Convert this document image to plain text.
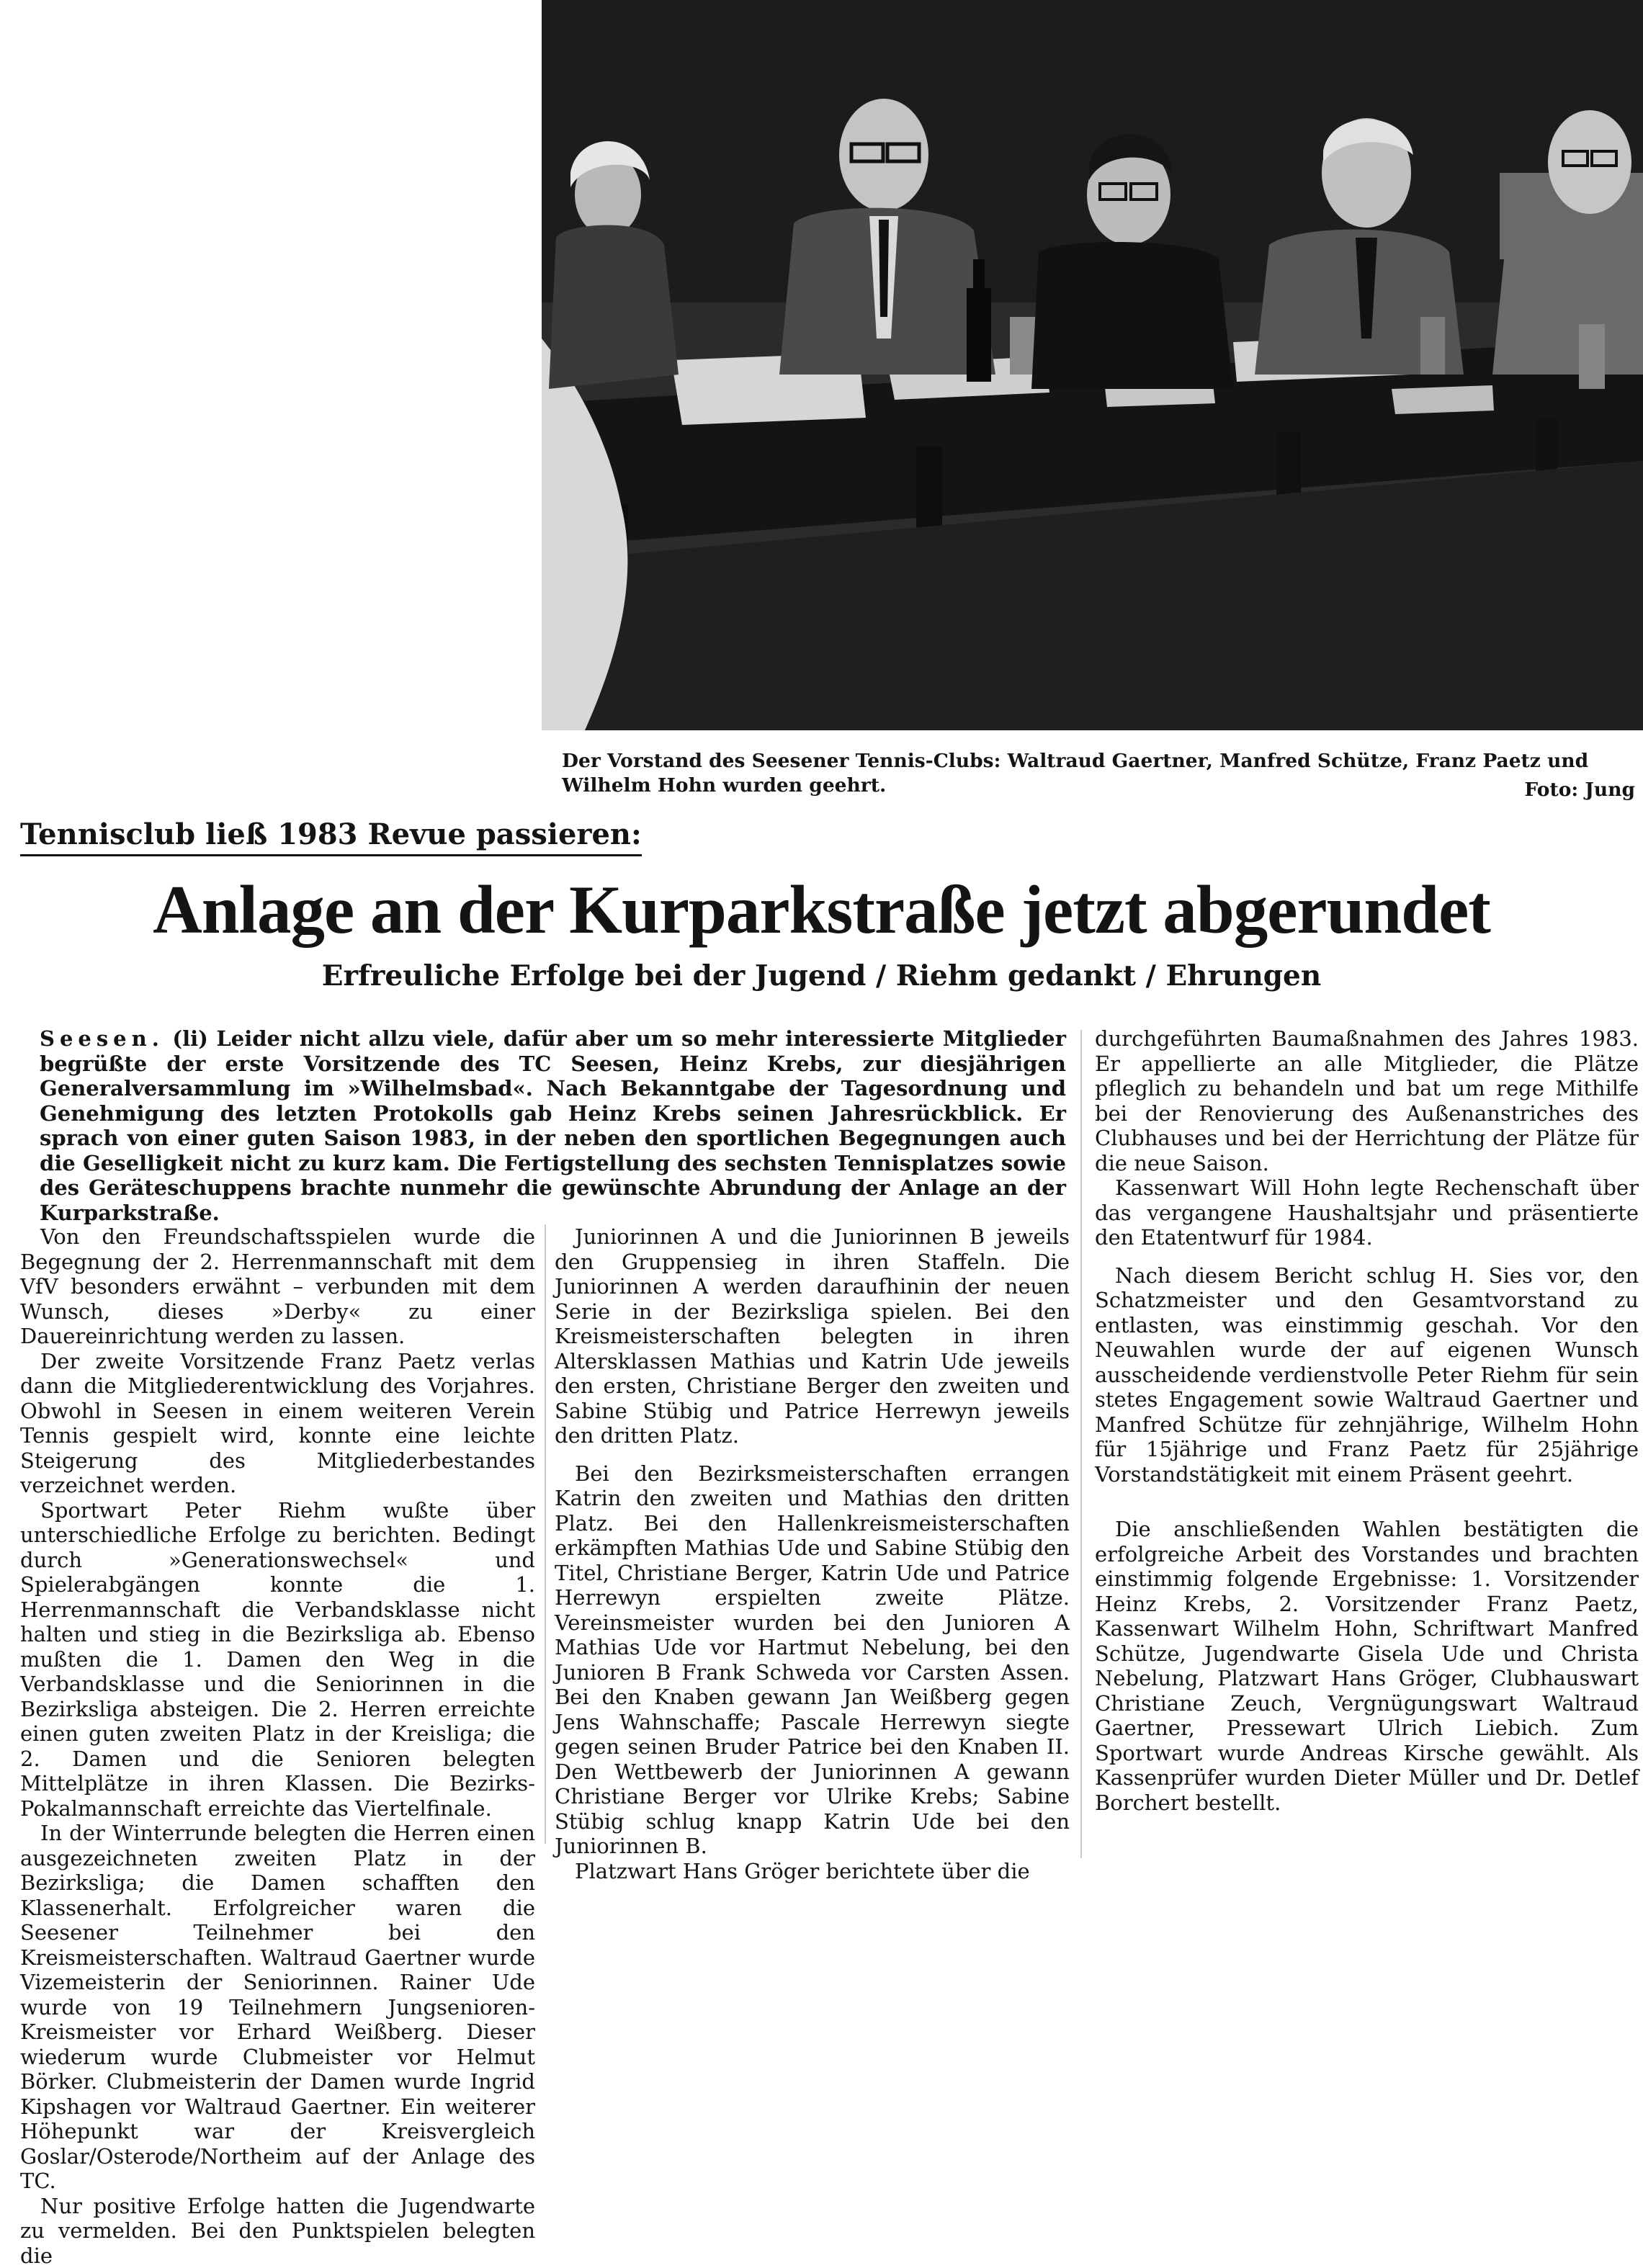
Der Vorstand des Seesener Tennis-Clubs: Waltraud Gaertner, Manfred Schütze, Franz Paetz und Wilhelm Hohn wurden geehrt.	Foto: Jung
Tennisclub ließ 1983 Revue passieren:
Anlage an der Kurparkstraße jetzt abgerundet
Erfreuliche Erfolge bei der Jugend / Riehm gedankt / Ehrungen
Seesen. (li) Leider nicht allzu viele, dafür aber um so mehr interessierte Mitglieder begrüßte der erste Vorsitzende des TC Seesen, Heinz Krebs, zur diesjährigen Generalversammlung im »Wilhelmsbad«. Nach Bekanntgabe der Tagesordnung und Genehmigung des letzten Protokolls gab Heinz Krebs seinen Jahresrückblick. Er sprach von einer guten Saison 1983, in der neben den sportlichen Begegnungen auch die Geselligkeit nicht zu kurz kam. Die Fertigstellung des sechsten Tennisplatzes sowie des Geräteschuppens brachte nunmehr die gewünschte Abrundung der Anlage an der Kurparkstraße.

Von den Freundschaftsspielen wurde die Begegnung der 2. Herrenmannschaft mit dem VfV besonders erwähnt – verbunden mit dem Wunsch, dieses »Derby« zu einer Dauereinrichtung werden zu lassen.

Der zweite Vorsitzende Franz Paetz verlas dann die Mitgliederentwicklung des Vorjahres. Obwohl in Seesen in einem weiteren Verein Tennis gespielt wird, konnte eine leichte Steigerung des Mitgliederbestandes verzeichnet werden.

Sportwart Peter Riehm wußte über unterschiedliche Erfolge zu berichten. Bedingt durch »Generationswechsel« und Spielerabgängen konnte die 1. Herrenmannschaft die Verbandsklasse nicht halten und stieg in die Bezirksliga ab. Ebenso mußten die 1. Damen den Weg in die Verbandsklasse und die Seniorinnen in die Bezirksliga absteigen. Die 2. Herren erreichte einen guten zweiten Platz in der Kreisliga; die 2. Damen und die Senioren belegten Mittelplätze in ihren Klassen. Die Bezirks-Pokalmannschaft erreichte das Viertelfinale.

In der Winterrunde belegten die Herren einen ausgezeichneten zweiten Platz in der Bezirksliga; die Damen schafften den Klassenerhalt. Erfolgreicher waren die Seesener Teilnehmer bei den Kreismeisterschaften. Waltraud Gaertner wurde Vizemeisterin der Seniorinnen. Rainer Ude wurde von 19 Teilnehmern Jungsenioren-Kreismeister vor Erhard Weißberg. Dieser wiederum wurde Clubmeister vor Helmut Börker. Clubmeisterin der Damen wurde Ingrid Kipshagen vor Waltraud Gaertner. Ein weiterer Höhepunkt war der Kreisvergleich Goslar/Osterode/Northeim auf der Anlage des TC.

Nur positive Erfolge hatten die Jugendwarte zu vermelden. Bei den Punktspielen belegten die

Juniorinnen A und die Juniorinnen B jeweils den Gruppensieg in ihren Staffeln. Die Juniorinnen A werden daraufhinin der neuen Serie in der Bezirksliga spielen. Bei den Kreismeisterschaften belegten in ihren Altersklassen Mathias und Katrin Ude jeweils den ersten, Christiane Berger den zweiten und Sabine Stübig und Patrice Herrewyn jeweils den dritten Platz.

Bei den Bezirksmeisterschaften errangen Katrin den zweiten und Mathias den dritten Platz. Bei den Hallenkreismeisterschaften erkämpften Mathias Ude und Sabine Stübig den Titel, Christiane Berger, Katrin Ude und Patrice Herrewyn erspielten zweite Plätze. Vereinsmeister wurden bei den Junioren A Mathias Ude vor Hartmut Nebelung, bei den Junioren B Frank Schweda vor Carsten Assen. Bei den Knaben gewann Jan Weißberg gegen Jens Wahnschaffe; Pascale Herrewyn siegte gegen seinen Bruder Patrice bei den Knaben II. Den Wettbewerb der Juniorinnen A gewann Christiane Berger vor Ulrike Krebs; Sabine Stübig schlug knapp Katrin Ude bei den Juniorinnen B.

Platzwart Hans Gröger berichtete über die

durchgeführten Baumaßnahmen des Jahres 1983. Er appellierte an alle Mitglieder, die Plätze pfleglich zu behandeln und bat um rege Mithilfe bei der Renovierung des Außenanstriches des Clubhauses und bei der Herrichtung der Plätze für die neue Saison.

Kassenwart Will Hohn legte Rechenschaft über das vergangene Haushaltsjahr und präsentierte den Etatentwurf für 1984.

Nach diesem Bericht schlug H. Sies vor, den Schatzmeister und den Gesamtvorstand zu entlasten, was einstimmig geschah. Vor den Neuwahlen wurde der auf eigenen Wunsch ausscheidende verdienstvolle Peter Riehm für sein stetes Engagement sowie Waltraud Gaertner und Manfred Schütze für zehnjährige, Wilhelm Hohn für 15jährige und Franz Paetz für 25jährige Vorstandstätigkeit mit einem Präsent geehrt.

Die anschließenden Wahlen bestätigten die erfolgreiche Arbeit des Vorstandes und brachten einstimmig folgende Ergebnisse: 1. Vorsitzender Heinz Krebs, 2. Vorsitzender Franz Paetz, Kassenwart Wilhelm Hohn, Schriftwart Manfred Schütze, Jugendwarte Gisela Ude und Christa Nebelung, Platzwart Hans Gröger, Clubhauswart Christiane Zeuch, Vergnügungswart Waltraud Gaertner, Pressewart Ulrich Liebich. Zum Sportwart wurde Andreas Kirsche gewählt. Als Kassenprüfer wurden Dieter Müller und Dr. Detlef Borchert bestellt.
